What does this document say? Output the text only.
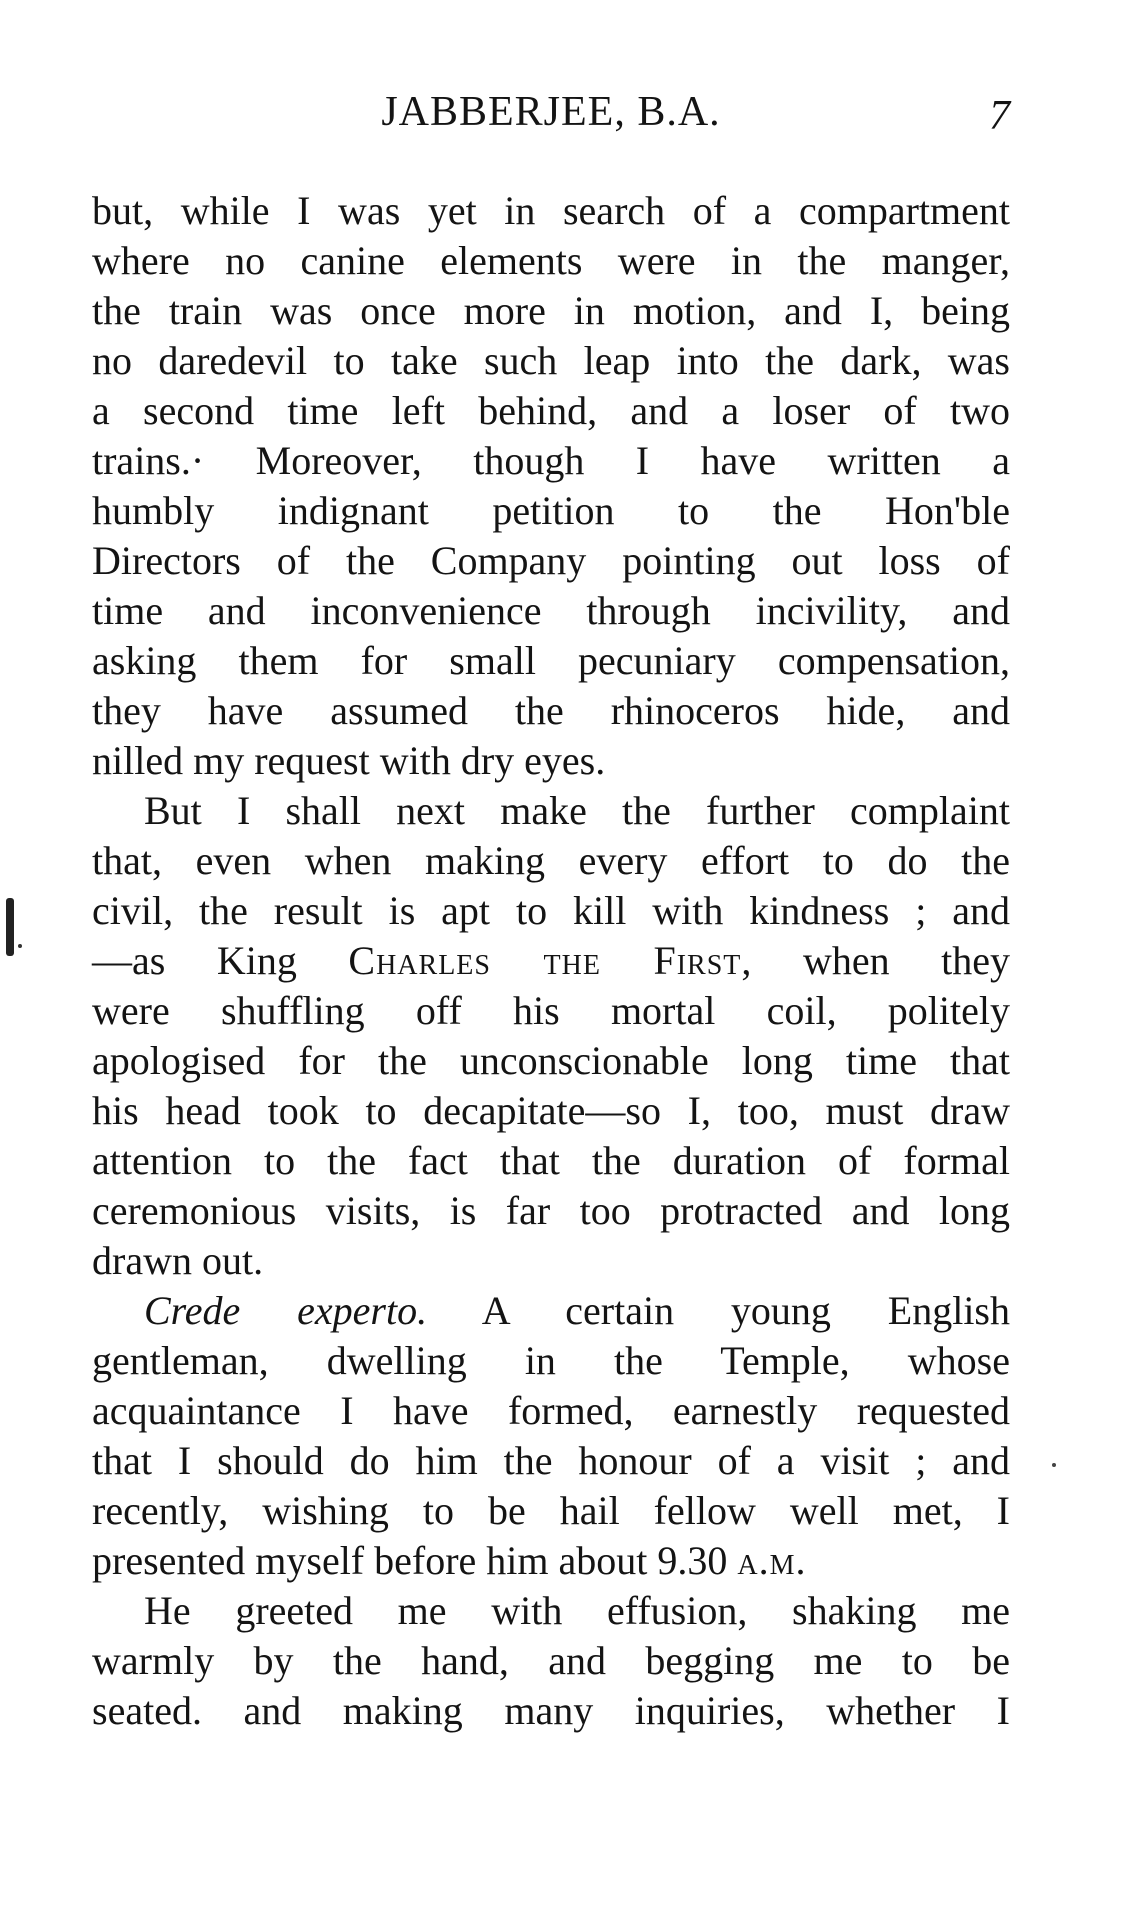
JABBERJEE, B.A.	7
but, while I was yet in search of a compartment
where no canine elements were in the manger,
the train was once more in motion, and I, being
no daredevil to take such leap into the dark, was
a second time left behind, and a loser of two
trains.· Moreover, though I have written a
humbly indignant petition to the Hon'ble
Directors of the Company pointing out loss of
time and inconvenience through incivility, and
asking them for small pecuniary compensation,
they have assumed the rhinoceros hide, and
nilled my request with dry eyes.
But I shall next make the further complaint
that, even when making every effort to do the
civil, the result is apt to kill with kindness ; and
—as King Charles the First, when they
were shuffling off his mortal coil, politely
apologised for the unconscionable long time that
his head took to decapitate—so I, too, must draw
attention to the fact that the duration of formal
ceremonious visits, is far too protracted and long
drawn out.
Crede experto. A certain young English
gentleman, dwelling in the Temple, whose
acquaintance I have formed, earnestly requested
that I should do him the honour of a visit ; and
recently, wishing to be hail fellow well met, I
presented myself before him about 9.30 a.m.
He greeted me with effusion, shaking me
warmly by the hand, and begging me to be
seated. and making many inquiries, whether I
